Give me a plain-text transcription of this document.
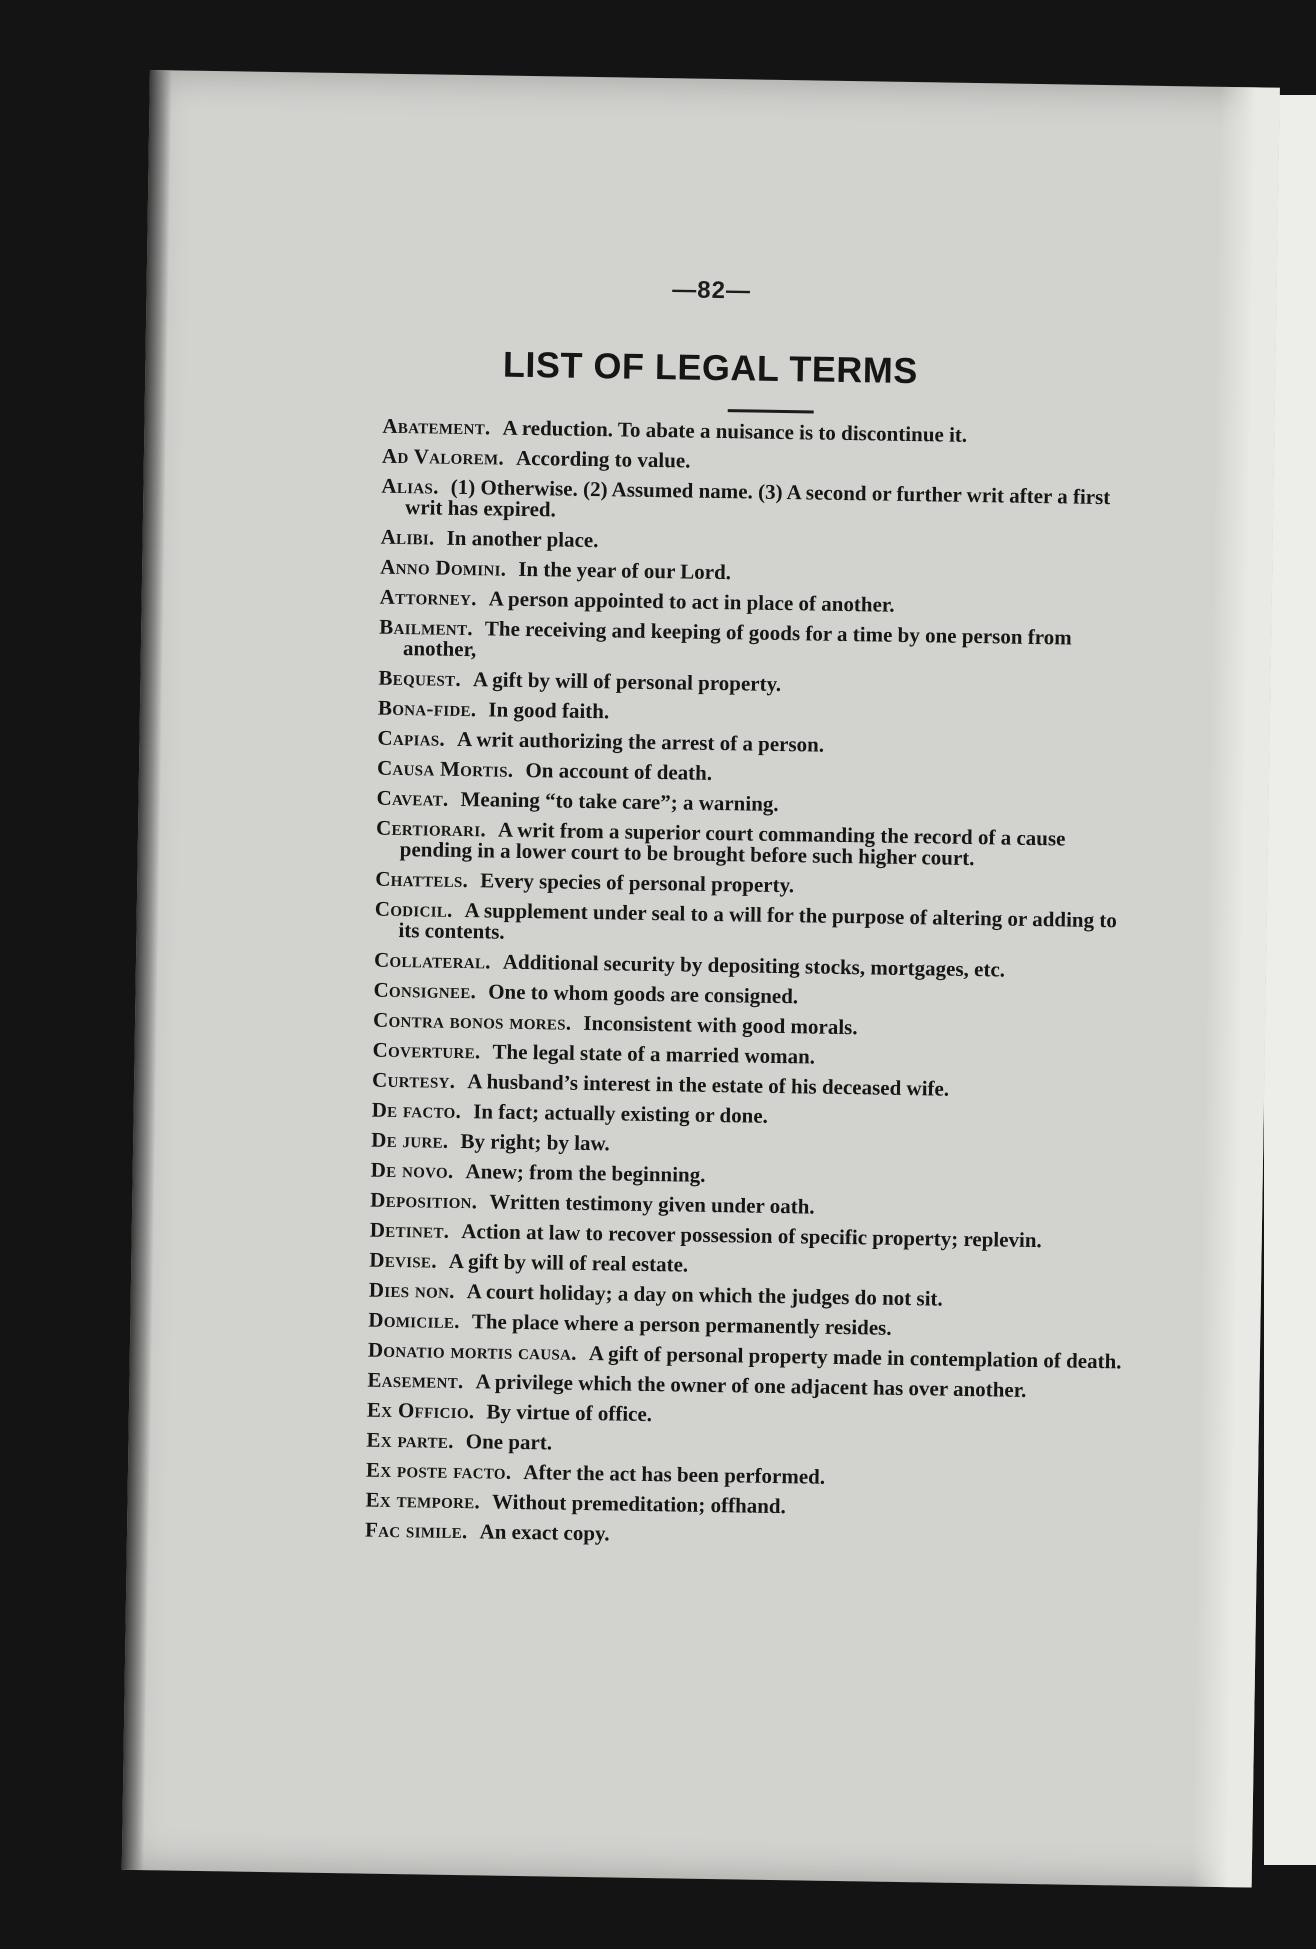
—82—
LIST OF LEGAL TERMS
Abatement. A reduction. To abate a nuisance is to discontinue it.
Ad Valorem. According to value.
Alias. (1) Otherwise. (2) Assumed name. (3) A second or further writ after a first writ has expired.
Alibi. In another place.
Anno Domini. In the year of our Lord.
Attorney. A person appointed to act in place of another.
Bailment. The receiving and keeping of goods for a time by one person from another,
Bequest. A gift by will of personal property.
Bona-fide. In good faith.
Capias. A writ authorizing the arrest of a person.
Causa Mortis. On account of death.
Caveat. Meaning “to take care”; a warning.
Certiorari. A writ from a superior court commanding the record of a cause pending in a lower court to be brought before such higher court.
Chattels. Every species of personal property.
Codicil. A supplement under seal to a will for the purpose of altering or adding to its contents.
Collateral. Additional security by depositing stocks, mortgages, etc.
Consignee. One to whom goods are consigned.
Contra bonos mores. Inconsistent with good morals.
Coverture. The legal state of a married woman.
Curtesy. A husband’s interest in the estate of his deceased wife.
De facto. In fact; actually existing or done.
De jure. By right; by law.
De novo. Anew; from the beginning.
Deposition. Written testimony given under oath.
Detinet. Action at law to recover possession of specific property; replevin.
Devise. A gift by will of real estate.
Dies non. A court holiday; a day on which the judges do not sit.
Domicile. The place where a person permanently resides.
Donatio mortis causa. A gift of personal property made in contemplation of death.
Easement. A privilege which the owner of one adjacent has over another.
Ex Officio. By virtue of office.
Ex parte. One part.
Ex poste facto. After the act has been performed.
Ex tempore. Without premeditation; offhand.
Fac simile. An exact copy.
